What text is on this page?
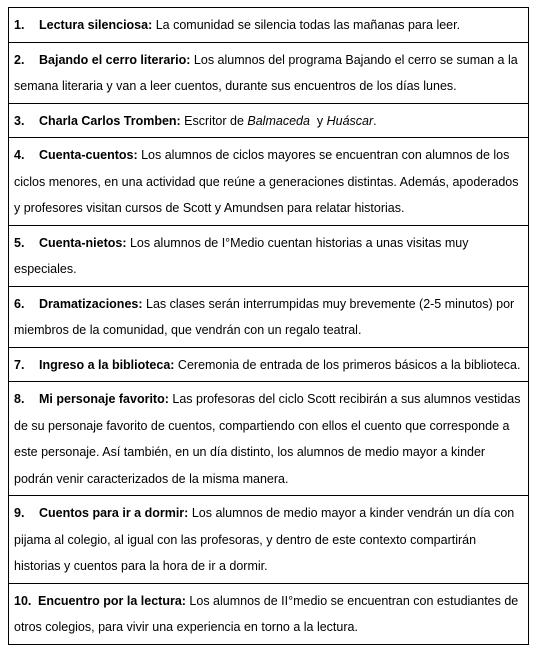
1. Lectura silenciosa: La comunidad se silencia todas las mañanas para leer.
2. Bajando el cerro literario: Los alumnos del programa Bajando el cerro se suman a la semana literaria y van a leer cuentos, durante sus encuentros de los días lunes.
3. Charla Carlos Tromben: Escritor de Balmaceda  y Huáscar.
4. Cuenta-cuentos: Los alumnos de ciclos mayores se encuentran con alumnos de los ciclos menores, en una actividad que reúne a generaciones distintas. Además, apoderados y profesores visitan cursos de Scott y Amundsen para relatar historias.
5. Cuenta-nietos: Los alumnos de I°Medio cuentan historias a unas visitas muy especiales.
6. Dramatizaciones: Las clases serán interrumpidas muy brevemente (2-5 minutos) por miembros de la comunidad, que vendrán con un regalo teatral.
7. Ingreso a la biblioteca: Ceremonia de entrada de los primeros básicos a la biblioteca.
8. Mi personaje favorito: Las profesoras del ciclo Scott recibirán a sus alumnos vestidas de su personaje favorito de cuentos, compartiendo con ellos el cuento que corresponde a este personaje. Así también, en un día distinto, los alumnos de medio mayor a kinder podrán venir caracterizados de la misma manera.
9. Cuentos para ir a dormir: Los alumnos de medio mayor a kinder vendrán un día con pijama al colegio, al igual con las profesoras, y dentro de este contexto compartirán historias y cuentos para la hora de ir a dormir.
10. Encuentro por la lectura: Los alumnos de II°medio se encuentran con estudiantes de otros colegios, para vivir una experiencia en torno a la lectura.
